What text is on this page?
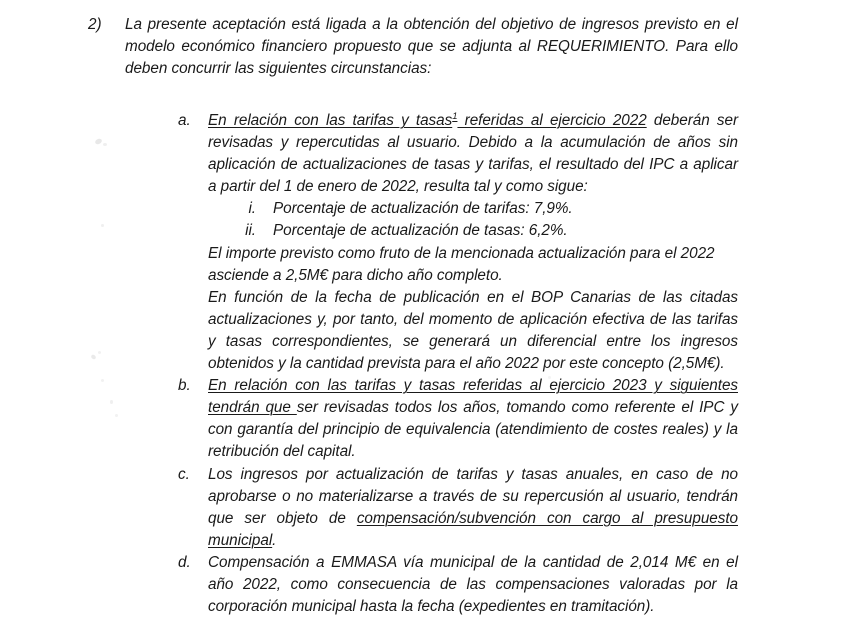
2)	La presente aceptación está ligada a la obtención del objetivo de ingresos previsto en el modelo económico financiero propuesto que se adjunta al REQUERIMIENTO. Para ello deben concurrir las siguientes circunstancias:
a.	En relación con las tarifas y tasas$^1$ referidas al ejercicio 2022 deberán ser revisadas y repercutidas al usuario. Debido a la acumulación de años sin aplicación de actualizaciones de tasas y tarifas, el resultado del IPC a aplicar a partir del 1 de enero de 2022, resulta tal y como sigue:

i. Porcentaje de actualización de tarifas: 7,9%.
ii. Porcentaje de actualización de tasas: 6,2%.

El importe previsto como fruto de la mencionada actualización para el 2022 asciende a 2,5M€ para dicho año completo.

En función de la fecha de publicación en el BOP Canarias de las citadas actualizaciones y, por tanto, del momento de aplicación efectiva de las tarifas y tasas correspondientes, se generará un diferencial entre los ingresos obtenidos y la cantidad prevista para el año 2022 por este concepto (2,5M€).

b.	En relación con las tarifas y tasas referidas al ejercicio 2023 y siguientes tendrán que ser revisadas todos los años, tomando como referente el IPC y con garantía del principio de equivalencia (atendimiento de costes reales) y la retribución del capital.
c.	Los ingresos por actualización de tarifas y tasas anuales, en caso de no aprobarse o no materializarse a través de su repercusión al usuario, tendrán que ser objeto de compensación/subvención con cargo al presupuesto municipal.
d.	Compensación a EMMASA vía municipal de la cantidad de 2,014 M€ en el año 2022, como consecuencia de las compensaciones valoradas por la corporación municipal hasta la fecha (expedientes en tramitación).
